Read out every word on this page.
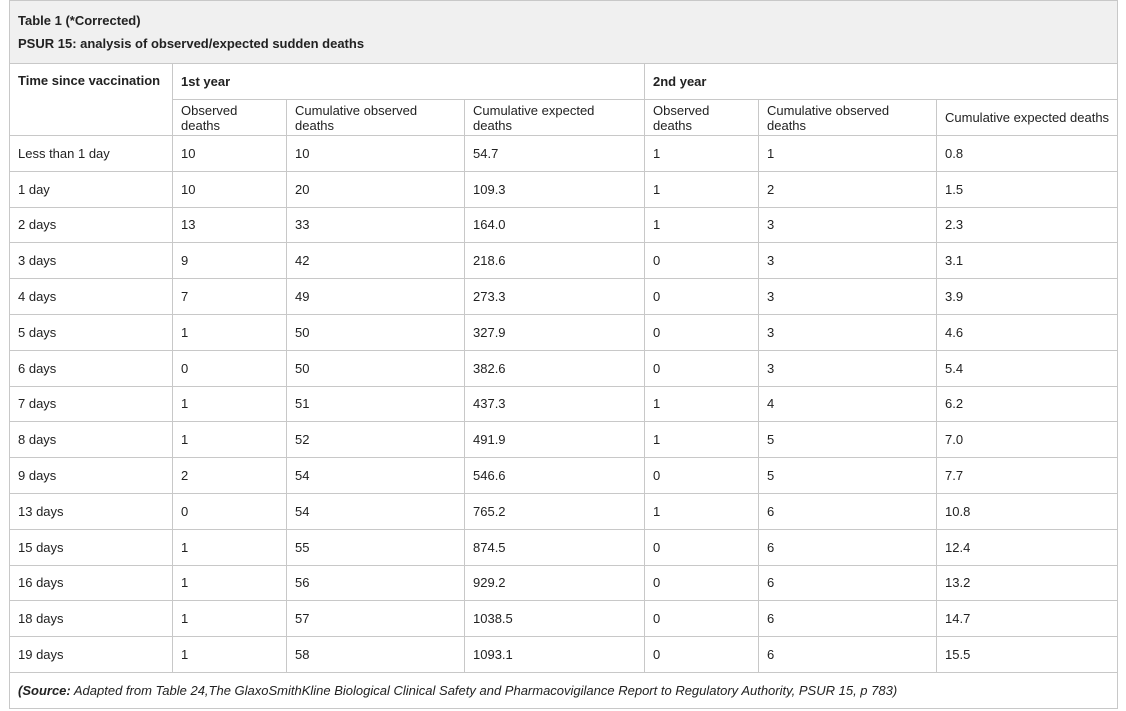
Table 1 (*Corrected)
PSUR 15: analysis of observed/expected sudden deaths						

Time since vaccination	1st year			2nd year		
	Observed deaths	Cumulative observed deaths	Cumulative expected deaths	Observed deaths	Cumulative observed deaths	Cumulative expected deaths
Less than 1 day	10	10	54.7	1	1	0.8
1 day	10	20	109.3	1	2	1.5
2 days	13	33	164.0	1	3	2.3
3 days	9	42	218.6	0	3	3.1
4 days	7	49	273.3	0	3	3.9
5 days	1	50	327.9	0	3	4.6
6 days	0	50	382.6	0	3	5.4
7 days	1	51	437.3	1	4	6.2
8 days	1	52	491.9	1	5	7.0
9 days	2	54	546.6	0	5	7.7
13 days	0	54	765.2	1	6	10.8
15 days	1	55	874.5	0	6	12.4
16 days	1	56	929.2	0	6	13.2
18 days	1	57	1038.5	0	6	14.7
19 days	1	58	1093.1	0	6	15.5
(Source: Adapted from Table 24,The GlaxoSmithKline Biological Clinical Safety and Pharmacovigilance Report to Regulatory Authority, PSUR 15, p 783)						
